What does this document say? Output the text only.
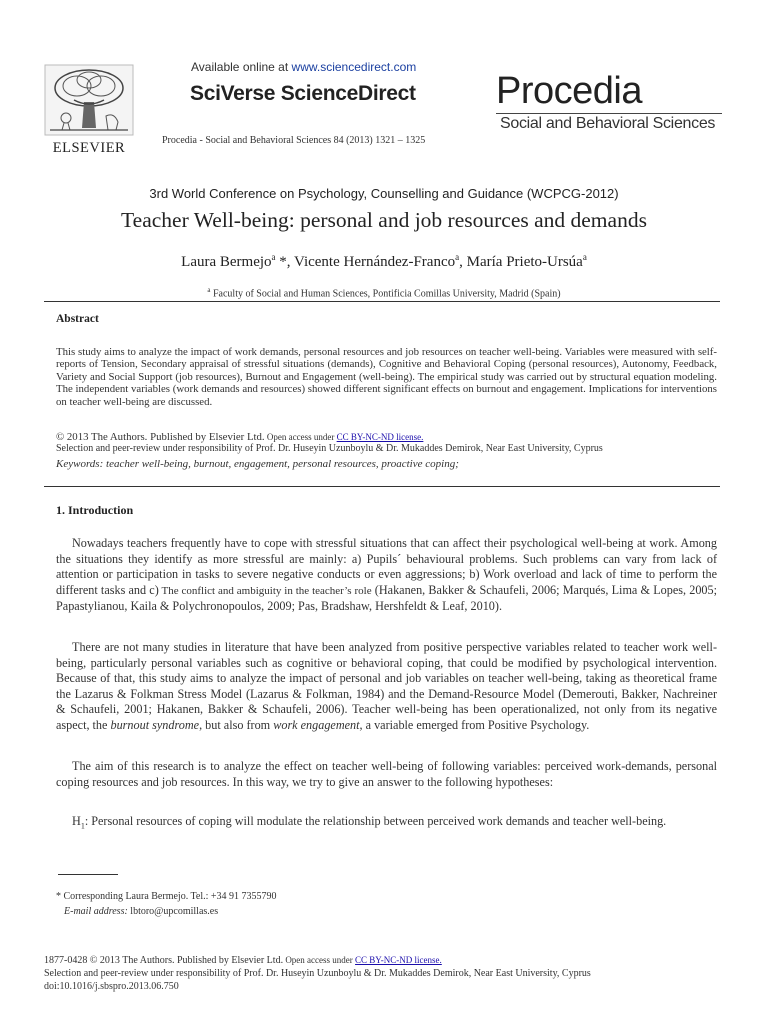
ELSEVIER
Available online at www.sciencedirect.com
SciVerse ScienceDirect
Procedia - Social and Behavioral Sciences 84 (2013) 1321 – 1325
Procedia
Social and Behavioral Sciences
3rd World Conference on Psychology, Counselling and Guidance (WCPCG-2012)
Teacher Well-being: personal and job resources and demands
Laura Bermejo$^a$ *, Vicente Hernández-Franco$^a$, María Prieto-Ursúa$^a$
$^a$ Faculty of Social and Human Sciences, Pontificia Comillas University, Madrid (Spain)
Abstract
This study aims to analyze the impact of work demands, personal resources and job resources on teacher well-being. Variables were measured with self-reports of Tension, Secondary appraisal of stressful situations (demands), Cognitive and Behavioral Coping (personal resources), Autonomy, Feedback, Variety and Social Support (job resources), Burnout and Engagement (well-being). The empirical study was carried out by structural equation modeling. The independent variables (work demands and resources) showed different significant effects on burnout and engagement. Implications for interventions on teacher well-being are discussed.
© 2013 The Authors. Published by Elsevier Ltd. Open access under CC BY-NC-ND license.
Selection and peer-review under responsibility of Prof. Dr. Huseyin Uzunboylu & Dr. Mukaddes Demirok, Near East University, Cyprus
Keywords: teacher well-being, burnout, engagement, personal resources, proactive coping;
1. Introduction
Nowadays teachers frequently have to cope with stressful situations that can affect their psychological well-being at work. Among the situations they identify as more stressful are mainly: a) Pupils´ behavioural problems. Such problems can vary from lack of attention or participation in tasks to severe negative conducts or even aggressions; b) Work overload and lack of time to perform the different tasks and c) The conflict and ambiguity in the teacher’s role (Hakanen, Bakker & Schaufeli, 2006; Marqués, Lima & Lopes, 2005; Papastylianou, Kaila & Polychronopoulos, 2009; Pas, Bradshaw, Hershfeldt & Leaf, 2010).
There are not many studies in literature that have been analyzed from positive perspective variables related to teacher work well-being, particularly personal variables such as cognitive or behavioral coping, that could be modified by psychological intervention. Because of that, this study aims to analyze the impact of personal and job variables on teacher well-being, taking as theoretical frame the Lazarus & Folkman Stress Model (Lazarus & Folkman, 1984) and the Demand-Resource Model (Demerouti, Bakker, Nachreiner & Schaufeli, 2001; Hakanen, Bakker & Schaufeli, 2006). Teacher well-being has been operationalized, not only from its negative aspect, the burnout syndrome, but also from work engagement, a variable emerged from Positive Psychology.
The aim of this research is to analyze the effect on teacher well-being of following variables: perceived work-demands, personal coping resources and job resources. In this way, we try to give an answer to the following hypotheses:
$H_1$: Personal resources of coping will modulate the relationship between perceived work demands and teacher well-being.
* Corresponding Laura Bermejo. Tel.: +34 91 7355790
E-mail address: lbtoro@upcomillas.es
1877-0428 © 2013 The Authors. Published by Elsevier Ltd. Open access under CC BY-NC-ND license.
Selection and peer-review under responsibility of Prof. Dr. Huseyin Uzunboylu & Dr. Mukaddes Demirok, Near East University, Cyprus
doi:10.1016/j.sbspro.2013.06.750
